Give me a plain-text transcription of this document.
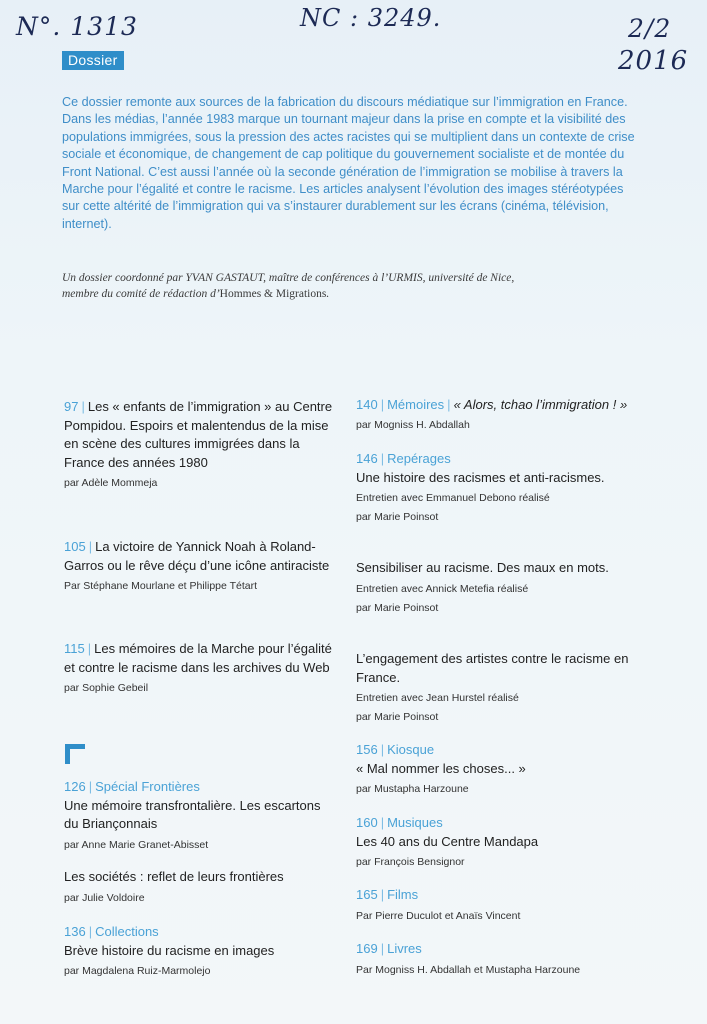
N°. 1313	NC : 3249.	2/2
2016
Dossier
Ce dossier remonte aux sources de la fabrication du discours médiatique sur l’immigration en France. Dans les médias, l’année 1983 marque un tournant majeur dans la prise en compte et la visibilité des populations immigrées, sous la pression des actes racistes qui se multiplient dans un contexte de crise sociale et économique, de changement de cap politique du gouvernement socialiste et de montée du Front National. C’est aussi l’année où la seconde génération de l’immigration se mobilise à travers la Marche pour l’égalité et contre le racisme. Les articles analysent l’évolution des images stéréotypées sur cette altérité de l’immigration qui va s’instaurer durablement sur les écrans (cinéma, télévision, internet).
Un dossier coordonné par YVAN GASTAUT, maître de conférences à l’URMIS, université de Nice,
membre du comité de rédaction d’Hommes & Migrations.
97 | Les « enfants de l’immigration » au Centre Pompidou. Espoirs et malentendus de la mise en scène des cultures immigrées dans la France des années 1980
par Adèle Mommeja
105 | La victoire de Yannick Noah à Roland-Garros ou le rêve déçu d’une icône antiraciste
Par Stéphane Mourlane et Philippe Tétart
115 | Les mémoires de la Marche pour l’égalité et contre le racisme dans les archives du Web
par Sophie Gebeil
126 | Spécial Frontières
Une mémoire transfrontalière. Les escartons du Briançonnais
par Anne Marie Granet-Abisset
Les sociétés : reflet de leurs frontières
par Julie Voldoire
136 | Collections
Brève histoire du racisme en images
par Magdalena Ruiz-Marmolejo
140 | Mémoires | « Alors, tchao l’immigration ! » par Mogniss H. Abdallah
146 | Repérages
Une histoire des racismes et anti-racismes.
Entretien avec Emmanuel Debono réalisé
par Marie Poinsot
Sensibiliser au racisme. Des maux en mots.
Entretien avec Annick Metefia réalisé
par Marie Poinsot
L’engagement des artistes contre le racisme en France.
Entretien avec Jean Hurstel réalisé
par Marie Poinsot
156 | Kiosque
« Mal nommer les choses... »
par Mustapha Harzoune
160 | Musiques
Les 40 ans du Centre Mandapa
par François Bensignor
165 | Films
Par Pierre Duculot et Anaïs Vincent
169 | Livres
Par Mogniss H. Abdallah et Mustapha Harzoune
